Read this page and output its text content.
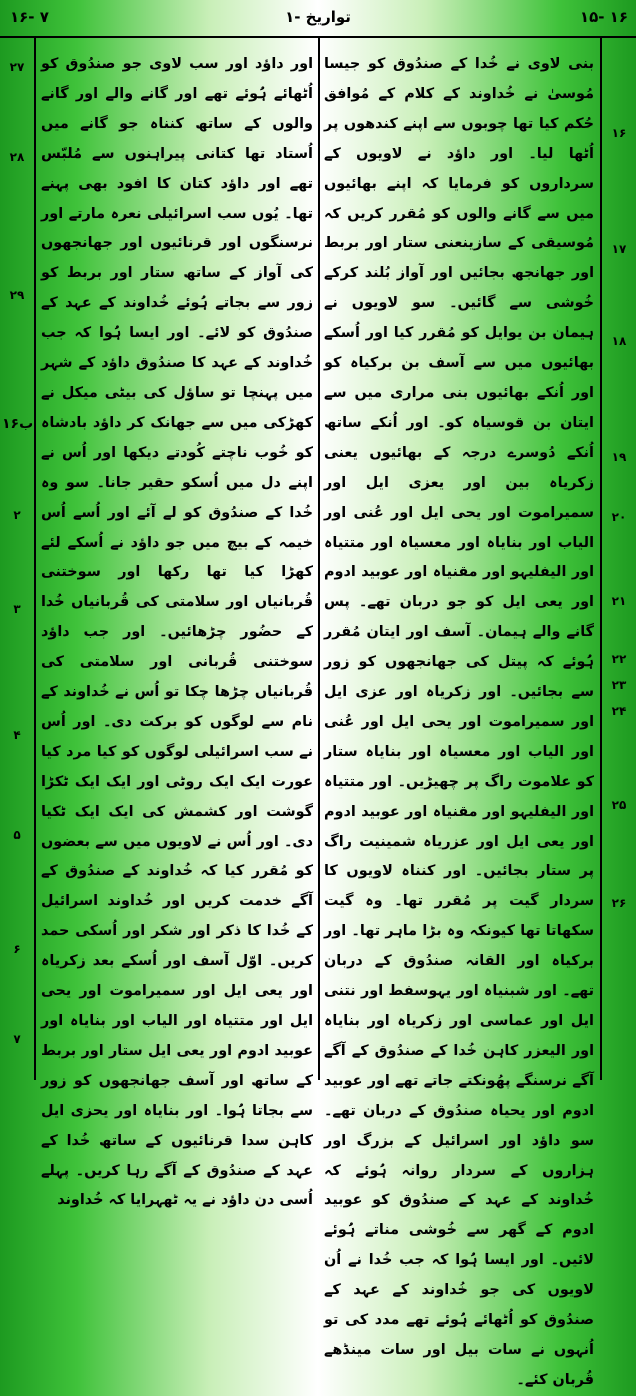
۱۶- ۷	۱- تواریخ	۱۵- ۱۶

اور داؤد اور سب لاوی جو صندُوق کو اُٹھائے ہُوئے تھے اور گانے والے اور گانے والوں کے ساتھ کنناہ جو گانے میں اُستاد تھا کتانی پیراہنوں سے مُلبّس تھے اور داؤد کتان کا افود بھی پہنے تھا۔ یُوں سب اسرائیلی نعرہ مارتے اور نرسنگوں اور قرنائیوں اور جھانجھوں کی آواز کے ساتھ ستار اور بربط کو زور سے بجاتے ہُوئے خُداوند کے عہد کے صندُوق کو لائے۔ اور ایسا ہُوا کہ جب خُداوند کے عہد کا صندُوق داؤد کے شہر میں پہنچا تو ساؤل کی بیٹی میکل نے کھڑکی میں سے جھانک کر داؤد بادشاہ کو خُوب ناچتے کُودتے دیکھا اور اُس نے اپنے دل میں اُسکو حقیر جانا۔ سو وہ خُدا کے صندُوق کو لے آئے اور اُسے اُس خیمہ کے بیچ میں جو داؤد نے اُسکے لئے کھڑا کیا تھا رکھا اور سوختنی قُربانیاں اور سلامتی کی قُربانیاں خُدا کے حضُور چڑھائیں۔ اور جب داؤد سوختنی قُربانی اور سلامتی کی قُربانیاں چڑھا چکا تو اُس نے خُداوند کے نام سے لوگوں کو برکت دی۔ اور اُس نے سب اسرائیلی لوگوں کو کیا مرد کیا عورت ایک ایک روٹی اور ایک ایک ٹکڑا گوشت اور کشمش کی ایک ایک ٹکیا دی۔ اور اُس نے لاویوں میں سے بعضوں کو مُقرر کیا کہ خُداوند کے صندُوق کے آگے خدمت کریں اور خُداوند اسرائیل کے خُدا کا ذکر اور شکر اور اُسکی حمد کریں۔ اوّل آسف اور اُسکے بعد زکریاہ اور یعی ایل اور سمیراموت اور یحی ایل اور متتیاہ اور الیاب اور بنایاہ اور عوبید ادوم اور یعی ایل ستار اور بربط کے ساتھ اور آسف جھانجھوں کو زور سے بجاتا ہُوا۔ اور بنایاہ اور یحزی ایل کاہن سدا قرنائیوں کے ساتھ خُدا کے عہد کے صندُوق کے آگے رہا کریں۔ پہلے اُسی دن داؤد نے یہ ٹھہرایا کہ خُداوند

بنی لاوی نے خُدا کے صندُوق کو جیسا مُوسیٰ نے خُداوند کے کلام کے مُوافق حُکم کیا تھا چوبوں سے اپنے کندھوں پر اُٹھا لیا۔ اور داؤد نے لاویوں کے سرداروں کو فرمایا کہ اپنے بھائیوں میں سے گانے والوں کو مُقرر کریں کہ مُوسیقی کے سازینعنی ستار اور بربط اور جھانجھ بجائیں اور آواز بُلند کرکے خُوشی سے گائیں۔ سو لاویوں نے ہیمان بن یوایل کو مُقرر کیا اور اُسکے بھائیوں میں سے آسف بن برکیاہ کو اور اُنکے بھائیوں بنی مراری میں سے ایتان بن قوسیاہ کو۔ اور اُنکے ساتھ اُنکے دُوسرے درجہ کے بھائیوں یعنی زکریاہ بین اور یعزی ایل اور سمیراموت اور یحی ایل اور عُنی اور الیاب اور بنایاہ اور معسیاہ اور متتیاہ اور الیفلیہو اور مقنیاہ اور عوبید ادوم اور یعی ایل کو جو دربان تھے۔ پس گانے والے ہیمان۔ آسف اور ایتان مُقرر ہُوئے کہ پیتل کی جھانجھوں کو زور سے بجائیں۔ اور زکریاہ اور عزی ایل اور سمیراموت اور یحی ایل اور عُنی اور الیاب اور معسیاہ اور بنایاہ ستار کو علاموت راگ پر چھیڑیں۔ اور متتیاہ اور الیفلیہو اور مقنیاہ اور عوبید ادوم اور یعی ایل اور عزریاہ شمینیت راگ پر ستار بجائیں۔ اور کنناہ لاویوں کا سردار گیت پر مُقرر تھا۔ وہ گیت سکھاتا تھا کیونکہ وہ بڑا ماہر تھا۔ اور برکیاہ اور القانہ صندُوق کے دربان تھے۔ اور شبنیاہ اور یہوسفط اور نتنی ایل اور عماسی اور زکریاہ اور بنایاہ اور الیعزر کاہن خُدا کے صندُوق کے آگے آگے نرسنگے پھُونکتے جاتے تھے اور عوبید ادوم اور یحیاہ صندُوق کے دربان تھے۔ سو داؤد اور اسرائیل کے بزرگ اور ہزاروں کے سردار روانہ ہُوئے کہ خُداوند کے عہد کے صندُوق کو عوبید ادوم کے گھر سے خُوشی مناتے ہُوئے لائیں۔ اور ایسا ہُوا کہ جب خُدا نے اُن لاویوں کی جو خُداوند کے عہد کے صندُوق کو اُٹھائے ہُوئے تھے مدد کی تو اُنہوں نے سات بیل اور سات مینڈھے قُربان کئے۔

۲۷
۲۸
۲۹
۱۶ب
۲
۳
۴
۵
۶
۷
۱۶
۱۷
۱۸
۱۹
۲۰
۲۱
۲۲
۲۳
۲۴
۲۵
۲۶
